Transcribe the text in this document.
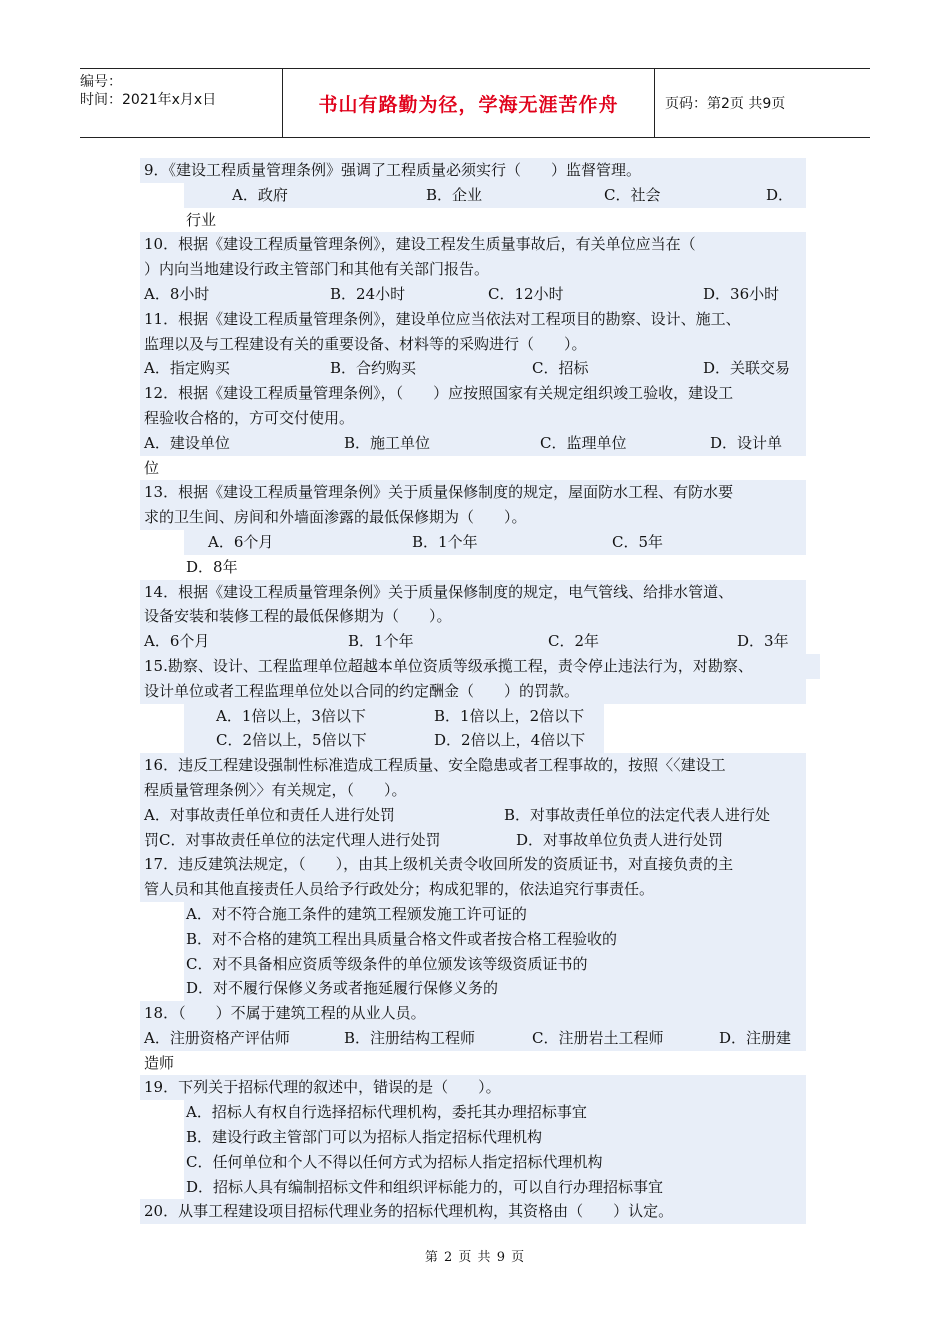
编号：
时间：2021年x月x日	书山有路勤为径，学海无涯苦作舟	页码：第2页 共9页
9．《建设工程质量管理条例》强调了工程质量必须实行（　　）监督管理。
A．政府	B．企业	C．社会	D．
行业
10．根据《建设工程质量管理条例》，建设工程发生质量事故后，有关单位应当在（
）内向当地建设行政主管部门和其他有关部门报告。
A．8小时	B．24小时	C．12小时	D．36小时
11．根据《建设工程质量管理条例》，建设单位应当依法对工程项目的勘察、设计、施工、
监理以及与工程建设有关的重要设备、材料等的采购进行（　　）。
A．指定购买	B．合约购买	C．招标	D．关联交易
12．根据《建设工程质量管理条例》，（　　）应按照国家有关规定组织竣工验收，建设工
程验收合格的，方可交付使用。
A．建设单位	B．施工单位	C．监理单位	D．设计单
位
13．根据《建设工程质量管理条例》关于质量保修制度的规定，屋面防水工程、有防水要
求的卫生间、房间和外墙面渗露的最低保修期为（　　）。
A．6个月	B．1个年	C．5年
D．8年
14．根据《建设工程质量管理条例》关于质量保修制度的规定，电气管线、给排水管道、
设备安装和装修工程的最低保修期为（　　）。
A．6个月	B．1个年	C．2年	D．3年
15.勘察、设计、工程监理单位超越本单位资质等级承揽工程，责令停止违法行为，对勘察、
设计单位或者工程监理单位处以合同的约定酬金（　　）的罚款。
A．1倍以上，3倍以下	B．1倍以上，2倍以下
C．2倍以上，5倍以下	D．2倍以上，4倍以下
16．违反工程建设强制性标准造成工程质量、安全隐患或者工程事故的，按照〈〈建设工
程质量管理条例〉〉有关规定，（　　）。
A．对事故责任单位和责任人进行处罚	B．对事故责任单位的法定代表人进行处
罚C．对事故责任单位的法定代理人进行处罚	D．对事故单位负责人进行处罚
17．违反建筑法规定，（　　），由其上级机关责令收回所发的资质证书，对直接负责的主
管人员和其他直接责任人员给予行政处分；构成犯罪的，依法追究行事责任。
A．对不符合施工条件的建筑工程颁发施工许可证的
B．对不合格的建筑工程出具质量合格文件或者按合格工程验收的
C．对不具备相应资质等级条件的单位颁发该等级资质证书的
D．对不履行保修义务或者拖延履行保修义务的
18．（　　）不属于建筑工程的从业人员。
A．注册资格产评估师	B．注册结构工程师	C．注册岩土工程师	D．注册建
造师
19．下列关于招标代理的叙述中，错误的是（　　）。
A．招标人有权自行选择招标代理机构，委托其办理招标事宜
B．建设行政主管部门可以为招标人指定招标代理机构
C．任何单位和个人不得以任何方式为招标人指定招标代理机构
D．招标人具有编制招标文件和组织评标能力的，可以自行办理招标事宜
20．从事工程建设项目招标代理业务的招标代理机构，其资格由（　　）认定。
第 2 页 共 9 页
